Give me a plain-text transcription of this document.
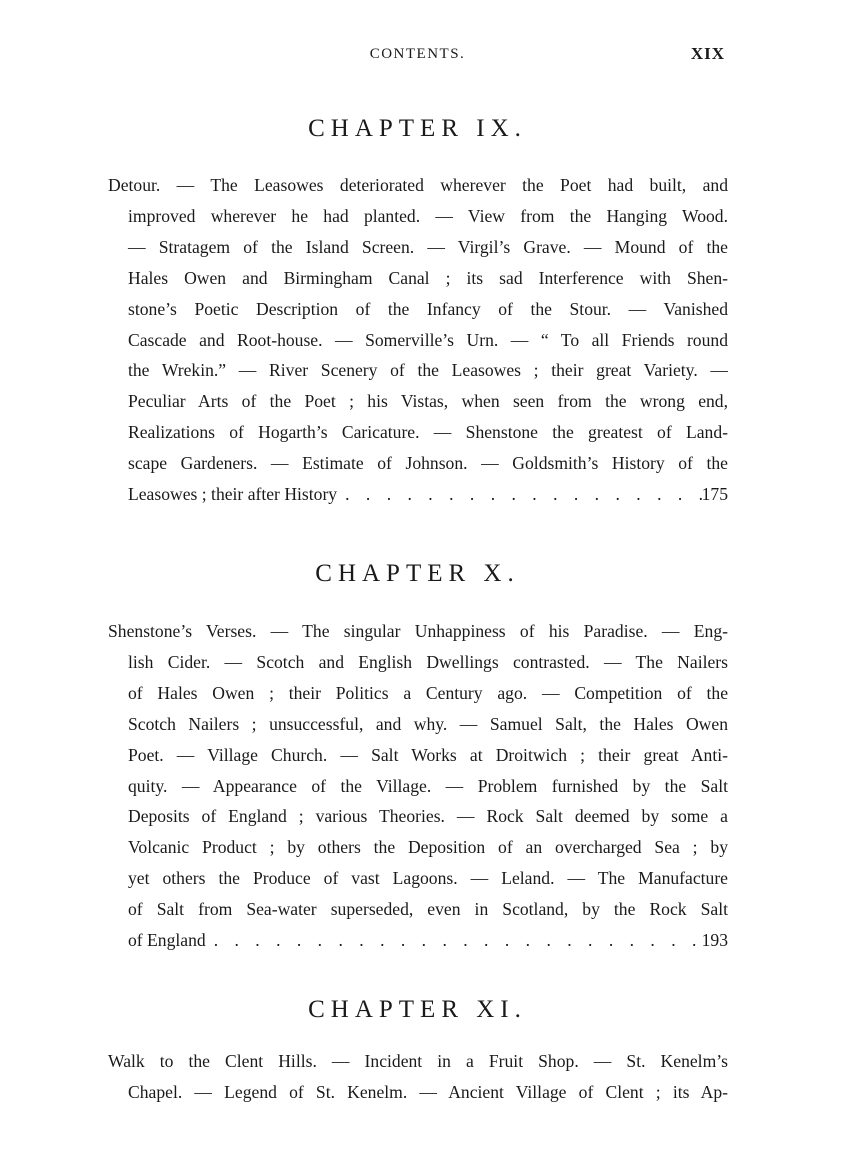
CONTENTS.	XIX
CHAPTER IX.
Detour. — The Leasowes deteriorated wherever the Poet had built, and
improved wherever he had planted. — View from the Hanging Wood.
— Stratagem of the Island Screen. — Virgil’s Grave. — Mound of the
Hales Owen and Birmingham Canal ; its sad Interference with Shen-
stone’s Poetic Description of the Infancy of the Stour. — Vanished
Cascade and Root-house. — Somerville’s Urn. — “ To all Friends round
the Wrekin.” — River Scenery of the Leasowes ; their great Variety. —
Peculiar Arts of the Poet ; his Vistas, when seen from the wrong end,
Realizations of Hogarth’s Caricature. — Shenstone the greatest of Land-
scape Gardeners. — Estimate of Johnson. — Goldsmith’s History of the
Leasowes ; their after History . . .	175
CHAPTER X.
Shenstone’s Verses. — The singular Unhappiness of his Paradise. — Eng-
lish Cider. — Scotch and English Dwellings contrasted. — The Nailers
of Hales Owen ; their Politics a Century ago. — Competition of the
Scotch Nailers ; unsuccessful, and why. — Samuel Salt, the Hales Owen
Poet. — Village Church. — Salt Works at Droitwich ; their great Anti-
quity. — Appearance of the Village. — Problem furnished by the Salt
Deposits of England ; various Theories. — Rock Salt deemed by some a
Volcanic Product ; by others the Deposition of an overcharged Sea ; by
yet others the Produce of vast Lagoons. — Leland. — The Manufacture
of Salt from Sea-water superseded, even in Scotland, by the Rock Salt
of England . . .	193
CHAPTER XI.
Walk to the Clent Hills. — Incident in a Fruit Shop. — St. Kenelm’s
Chapel. — Legend of St. Kenelm. — Ancient Village of Clent ; its Ap-
